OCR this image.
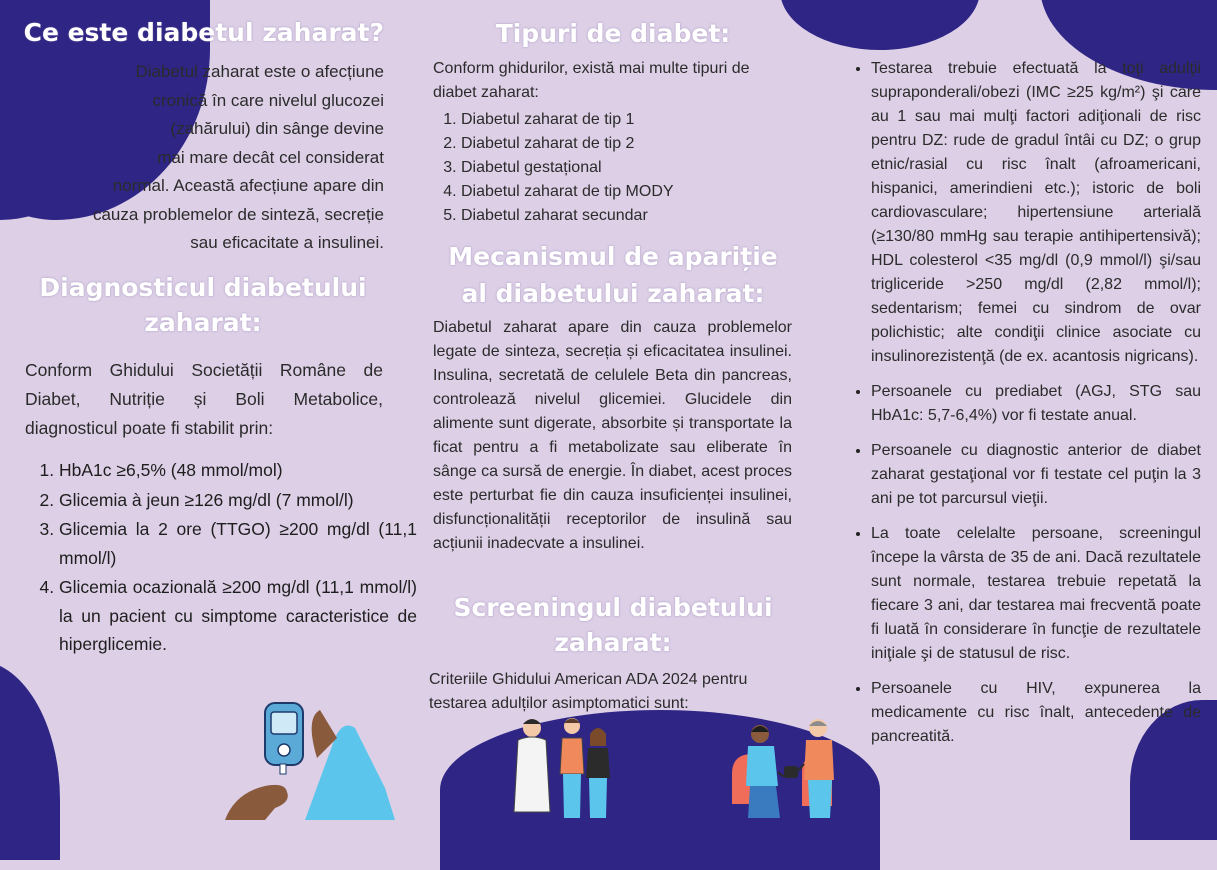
Ce este diabetul zaharat?
Diabetul zaharat este o afecțiune
cronică în care nivelul glucozei
(zahărului) din sânge devine
mai mare decât cel considerat
normal. Această afecțiune apare din
cauza problemelor de sinteză, secreție
sau eficacitate a insulinei.
Diagnosticul diabetului
zaharat:

Conform Ghidului Societății Române de Diabet, Nutriție și Boli Metabolice, diagnosticul poate fi stabilit prin:

1. HbA1c ≥6,5% (48 mmol/mol)
2. Glicemia à jeun ≥126 mg/dl (7 mmol/l)
3. Glicemia la 2 ore (TTGO) ≥200 mg/dl (11,1 mmol/l)
4. Glicemia ocazională ≥200 mg/dl (11,1 mmol/l) la un pacient cu simptome caracteristice de hiperglicemie.
Tipuri de diabet:

Conform ghidurilor, există mai multe tipuri de diabet zaharat:

1. Diabetul zaharat de tip 1
2. Diabetul zaharat de tip 2
3. Diabetul gestațional
4. Diabetul zaharat de tip MODY
5. Diabetul zaharat secundar
Mecanismul de apariție
al diabetului zaharat:

Diabetul zaharat apare din cauza problemelor legate de sinteza, secreția și eficacitatea insulinei. Insulina, secretată de celulele Beta din pancreas, controlează nivelul glicemiei. Glucidele din alimente sunt digerate, absorbite și transportate la ficat pentru a fi metabolizate sau eliberate în sânge ca sursă de energie. În diabet, acest proces este perturbat fie din cauza insuficienței insulinei, disfuncționalității receptorilor de insulină sau acțiunii inadecvate a insulinei.

Screeningul diabetului
zaharat:

Criteriile Ghidului American ADA 2024 pentru testarea adulților asimptomatici sunt:

• Testarea trebuie efectuată la toţi adulţii supraponderali/obezi (IMC ≥25 kg/m²) şi care au 1 sau mai mulţi factori adiţionali de risc pentru DZ: rude de gradul întâi cu DZ; o grup etnic/rasial cu risc înalt (afroamericani, hispanici, amerindieni etc.); istoric de boli cardiovasculare; hipertensiune arterială (≥130/80 mmHg sau terapie antihipertensivă); HDL colesterol <35 mg/dl (0,9 mmol/l) şi/sau trigliceride >250 mg/dl (2,82 mmol/l); sedentarism; femei cu sindrom de ovar polichistic; alte condiţii clinice asociate cu insulinorezistenţă (de ex. acantosis nigricans).
• Persoanele cu prediabet (AGJ, STG sau HbA1c: 5,7-6,4%) vor fi testate anual.
• Persoanele cu diagnostic anterior de diabet zaharat gestaţional vor fi testate cel puţin la 3 ani pe tot parcursul vieţii.
• La toate celelalte persoane, screeningul începe la vârsta de 35 de ani. Dacă rezultatele sunt normale, testarea trebuie repetată la fiecare 3 ani, dar testarea mai frecventă poate fi luată în considerare în funcţie de rezultatele iniţiale şi de statusul de risc.
• Persoanele cu HIV, expunerea la medicamente cu risc înalt, antecedente de pancreatită.
